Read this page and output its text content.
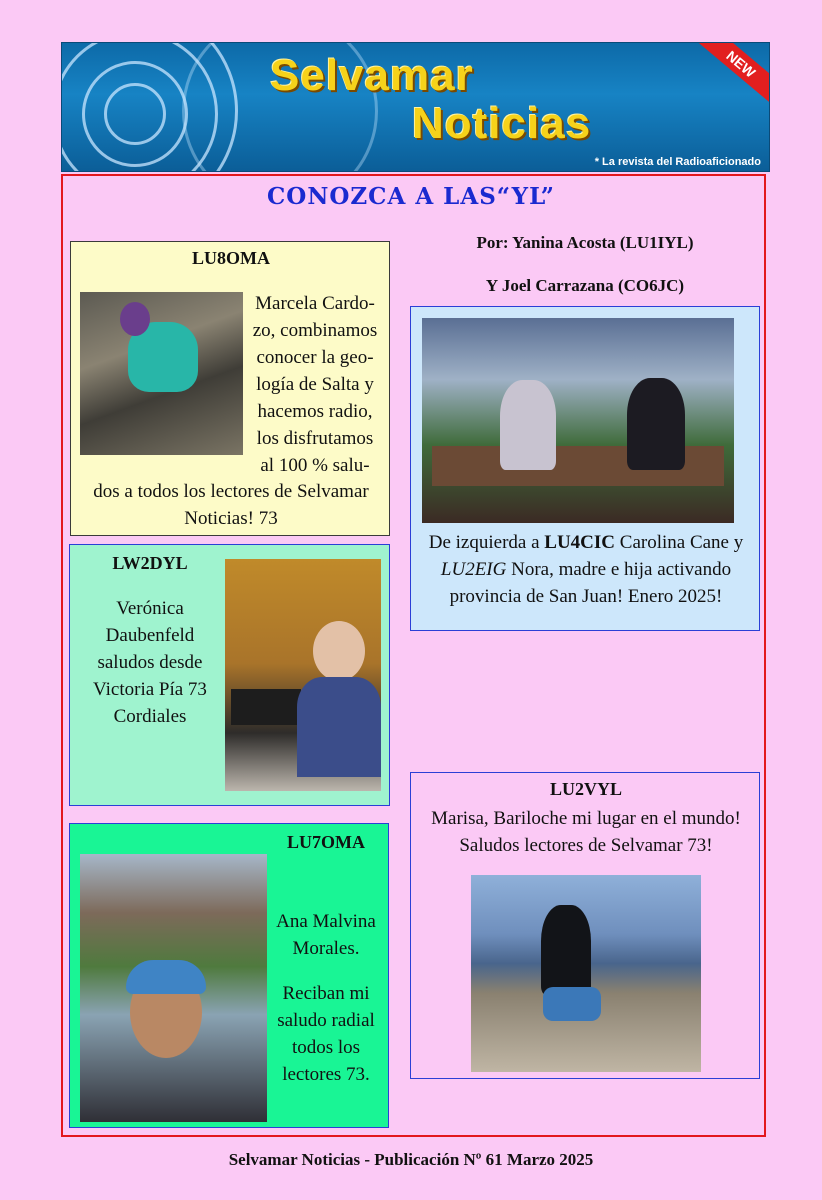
Selvamar
Noticias
NEW
* La revista del Radioaficionado
CONOZCA A LAS“YL”
Por: Yanina Acosta (LU1IYL)
Y Joel Carrazana (CO6JC)
LU8OMA
Marcela Cardo-zo, combinamos conocer la geo-logía de Salta y hacemos radio, los disfrutamos al 100 % salu-
dos a todos los lectores de Selvamar Noticias! 73
De izquierda a LU4CIC Carolina Cane y LU2EIG Nora, madre e hija activando provincia de San Juan! Enero 2025!
LW2DYL
Verónica Daubenfeld saludos desde Victoria Pía 73 Cordiales
LU2VYL
Marisa, Bariloche mi lugar en el mundo! Saludos lectores de Selvamar 73!
LU7OMA
Ana Malvina Morales.
Reciban mi saludo radial todos los lectores 73.
Selvamar Noticias - Publicación Nº 61 Marzo 2025
